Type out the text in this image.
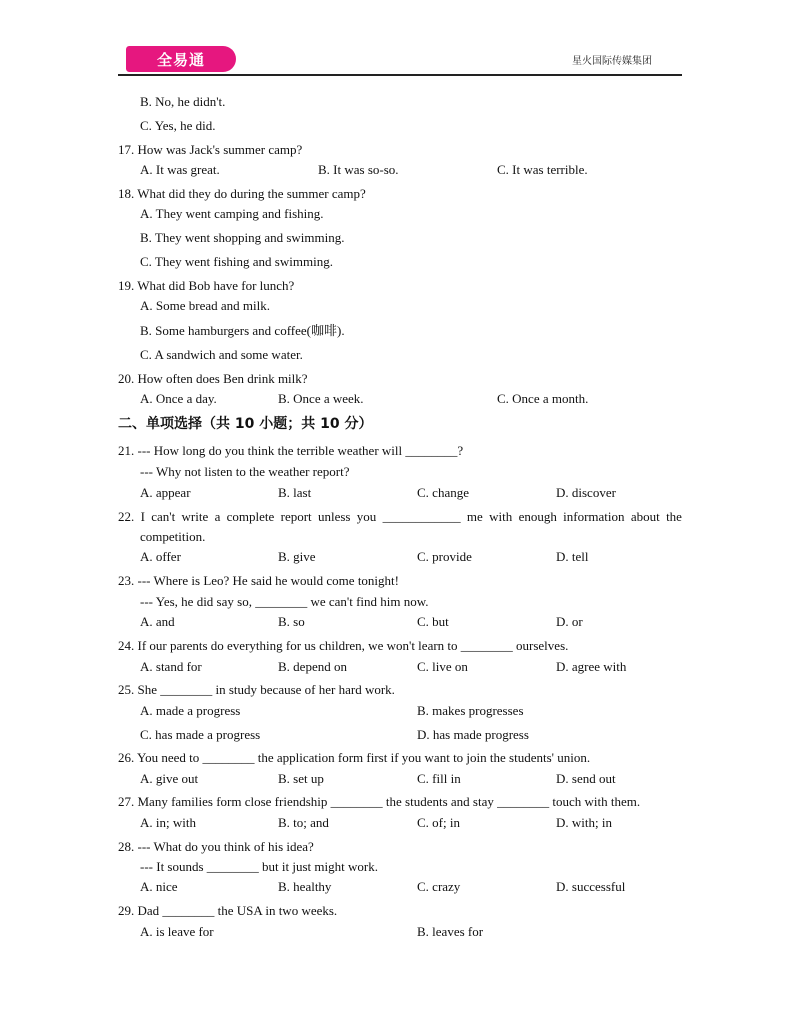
全易通	星火国际传媒集团
B. No, he didn't.
C. Yes, he did.
17. How was Jack's summer camp?
A. It was great.	B. It was so-so.	C. It was terrible.
18. What did they do during the summer camp?
A. They went camping and fishing.
B. They went shopping and swimming.
C. They went fishing and swimming.
19. What did Bob have for lunch?
A. Some bread and milk.
B. Some hamburgers and coffee(咖啡).
C. A sandwich and some water.
20. How often does Ben drink milk?
A. Once a day.	B. Once a week.	C. Once a month.
二、单项选择（共 10 小题；共 10 分）
21. --- How long do you think the terrible weather will ________?
--- Why not listen to the weather report?
A. appear	B. last	C. change	D. discover
22. I can't write a complete report unless you ____________ me with enough information about the
competition.
A. offer	B. give	C. provide	D. tell
23. --- Where is Leo? He said he would come tonight!
--- Yes, he did say so, ________ we can't find him now.
A. and	B. so	C. but	D. or
24. If our parents do everything for us children, we won't learn to ________ ourselves.
A. stand for	B. depend on	C. live on	D. agree with
25. She ________ in study because of her hard work.
A. made a progress	B. makes progresses
C. has made a progress	D. has made progress
26. You need to ________ the application form first if you want to join the students' union.
A. give out	B. set up	C. fill in	D. send out
27. Many families form close friendship ________ the students and stay ________ touch with them.
A. in; with	B. to; and	C. of; in	D. with; in
28. --- What do you think of his idea?
--- It sounds ________ but it just might work.
A. nice	B. healthy	C. crazy	D. successful
29. Dad ________ the USA in two weeks.
A. is leave for	B. leaves for
